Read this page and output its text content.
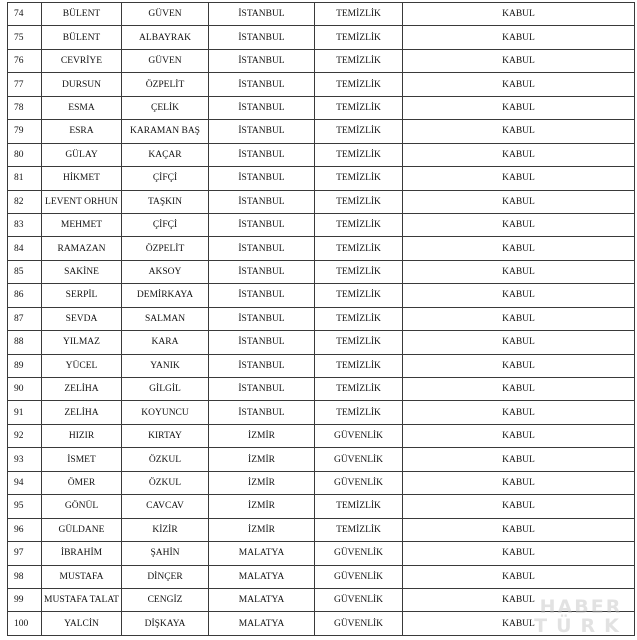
74	BÜLENT	GÜVEN	İSTANBUL	TEMİZLİK	KABUL
75	BÜLENT	ALBAYRAK	İSTANBUL	TEMİZLİK	KABUL
76	CEVRİYE	GÜVEN	İSTANBUL	TEMİZLİK	KABUL
77	DURSUN	ÖZPELİT	İSTANBUL	TEMİZLİK	KABUL
78	ESMA	ÇELİK	İSTANBUL	TEMİZLİK	KABUL
79	ESRA	KARAMAN BAŞ	İSTANBUL	TEMİZLİK	KABUL
80	GÜLAY	KAÇAR	İSTANBUL	TEMİZLİK	KABUL
81	HİKMET	ÇİFÇİ	İSTANBUL	TEMİZLİK	KABUL
82	LEVENT ORHUN	TAŞKIN	İSTANBUL	TEMİZLİK	KABUL
83	MEHMET	ÇİFÇİ	İSTANBUL	TEMİZLİK	KABUL
84	RAMAZAN	ÖZPELİT	İSTANBUL	TEMİZLİK	KABUL
85	SAKİNE	AKSOY	İSTANBUL	TEMİZLİK	KABUL
86	SERPİL	DEMİRKAYA	İSTANBUL	TEMİZLİK	KABUL
87	SEVDA	SALMAN	İSTANBUL	TEMİZLİK	KABUL
88	YILMAZ	KARA	İSTANBUL	TEMİZLİK	KABUL
89	YÜCEL	YANIK	İSTANBUL	TEMİZLİK	KABUL
90	ZELİHA	GİLGİL	İSTANBUL	TEMİZLİK	KABUL
91	ZELİHA	KOYUNCU	İSTANBUL	TEMİZLİK	KABUL
92	HIZIR	KIRTAY	İZMİR	GÜVENLİK	KABUL
93	İSMET	ÖZKUL	İZMİR	GÜVENLİK	KABUL
94	ÖMER	ÖZKUL	İZMİR	GÜVENLİK	KABUL
95	GÖNÜL	CAVCAV	İZMİR	TEMİZLİK	KABUL
96	GÜLDANE	KİZİR	İZMİR	TEMİZLİK	KABUL
97	İBRAHİM	ŞAHİN	MALATYA	GÜVENLİK	KABUL
98	MUSTAFA	DİNÇER	MALATYA	GÜVENLİK	KABUL
99	MUSTAFA TALAT	CENGİZ	MALATYA	GÜVENLİK	KABUL
100	YALCİN	DİŞKAYA	MALATYA	GÜVENLİK	KABUL
HABER
TÜRK
